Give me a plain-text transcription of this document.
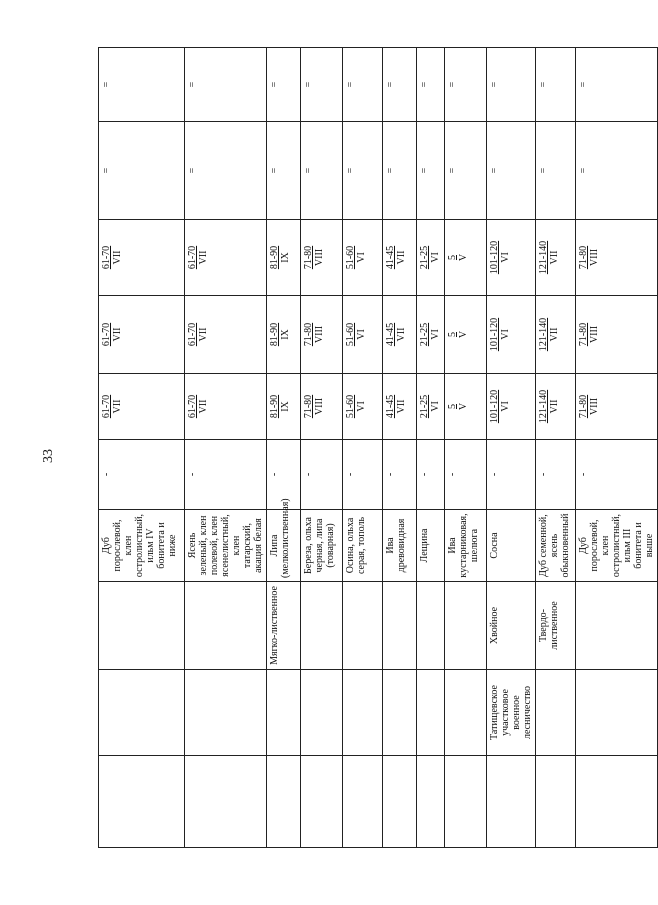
33
			Дуб порослевой, клен остролистный, ильм IV бонитета и ниже	-	61-70 VII	61-70 VII	61-70 VII	=	=
			Ясень зеленый, клен полевой, клен ясенелистный, клен татарский, акация белая	-	61-70 VII	61-70 VII	61-70 VII	=	=
		Мягко-лиственное	Липа (мелколиственная)	-	81-90 IX	81-90 IX	81-90 IX	=	=
			Береза, ольха черная, липа (товарная)	-	71-80 VIII	71-80 VIII	71-80 VIII	=	=
			Осина, ольха серая, тополь	-	51-60 VI	51-60 VI	51-60 VI	=	=
			Ива древовидная	-	41-45 VII	41-45 VII	41-45 VII	=	=
			Лещина	-	21-25 VI	21-25 VI	21-25 VI	=	=
			Ива кустарниковая, шелюга	-	5 V	5 V	5 V	=	=
	Татищевское участковое военное лесничество	Хвойное	Сосна	-	101-120 VI	101-120 VI	101-120 VI	=	=
		Твердо-лиственное	Дуб семенной, ясень обыкновенный	-	121-140 VII	121-140 VII	121-140 VII	=	=
			Дуб порослевой, клен остролистный, ильм III бонитета и выше	-	71-80 VIII	71-80 VIII	71-80 VIII	=	=
